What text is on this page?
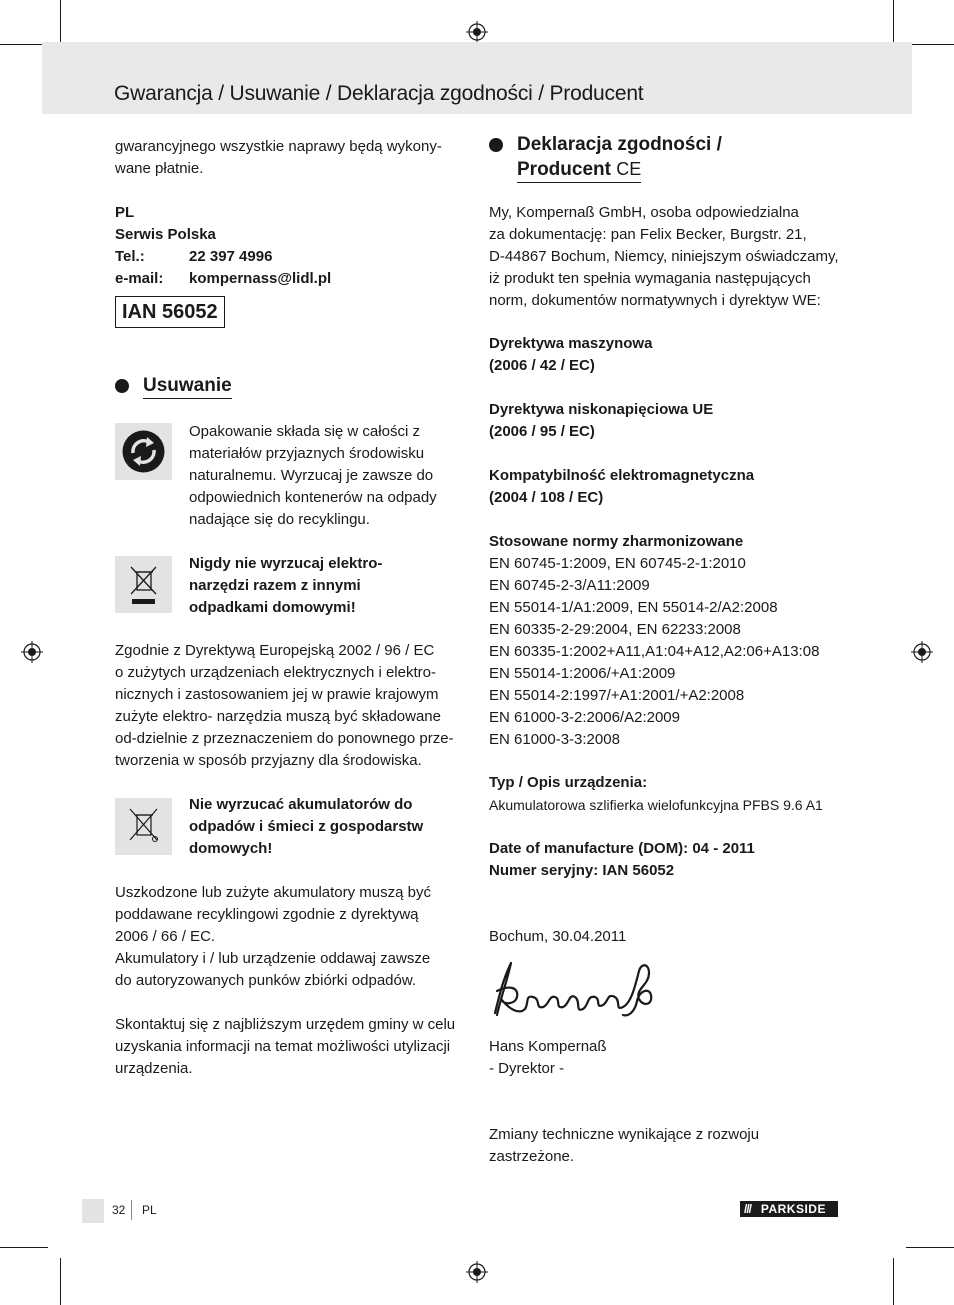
Gwarancja / Usuwanie / Deklaracja zgodności / Producent
gwarancyjnego wszystkie naprawy będą wykony-
wane płatnie.
PL
Serwis Polska
Tel.:	22 397 4996
e-mail:	kompernass@lidl.pl
IAN 56052
Usuwanie
Opakowanie składa się w całości z
materiałów przyjaznych środowisku
naturalnemu. Wyrzucaj je zawsze do
odpowiednich kontenerów na odpady
nadające się do recyklingu.
Nigdy nie wyrzucaj elektro-
narzędzi razem z innymi
odpadkami domowymi!
Zgodnie z Dyrektywą Europejską 2002 / 96 / EC
o zużytych urządzeniach elektrycznych i elektro-
nicznych i zastosowaniem jej w prawie krajowym
zużyte elektro- narzędzia muszą być składowane
od-dzielnie z przeznaczeniem do ponownego prze-
tworzenia w sposób przyjazny dla środowiska.
Nie wyrzucać akumulatorów do
odpadów i śmieci z gospodarstw
domowych!
Uszkodzone lub zużyte akumulatory muszą być
poddawane recyklingowi zgodnie z dyrektywą
2006 / 66 / EC.
Akumulatory i / lub urządzenie oddawaj zawsze
do autoryzowanych punków zbiórki odpadów.
Skontaktuj się z najbliższym urzędem gminy w celu
uzyskania informacji na temat możliwości utylizacji
urządzenia.
Deklaracja zgodności /
Producent CE
My, Kompernaß GmbH, osoba odpowiedzialna
za dokumentację: pan Felix Becker, Burgstr. 21,
D-44867 Bochum, Niemcy, niniejszym oświadczamy,
iż produkt ten spełnia wymagania następujących
norm, dokumentów normatywnych i dyrektyw WE:
Dyrektywa maszynowa
(2006 / 42 / EC)
Dyrektywa niskonapięciowa UE
(2006 / 95 / EC)
Kompatybilność elektromagnetyczna
(2004 / 108 / EC)
Stosowane normy zharmonizowane
EN 60745-1:2009, EN 60745-2-1:2010
EN 60745-2-3/A11:2009
EN 55014-1/A1:2009, EN 55014-2/A2:2008
EN 60335-2-29:2004, EN 62233:2008
EN 60335-1:2002+A11,A1:04+A12,A2:06+A13:08
EN 55014-1:2006/+A1:2009
EN 55014-2:1997/+A1:2001/+A2:2008
EN 61000-3-2:2006/A2:2009
EN 61000-3-3:2008
Typ / Opis urządzenia:
Akumulatorowa szlifierka wielofunkcyjna PFBS 9.6 A1
Date of manufacture (DOM): 04 - 2011
Numer seryjny: IAN 56052
Bochum, 30.04.2011
Hans Kompernaß
- Dyrektor -
Zmiany techniczne wynikające z rozwoju
zastrzeżone.
32 PL	/// PARKSIDE
